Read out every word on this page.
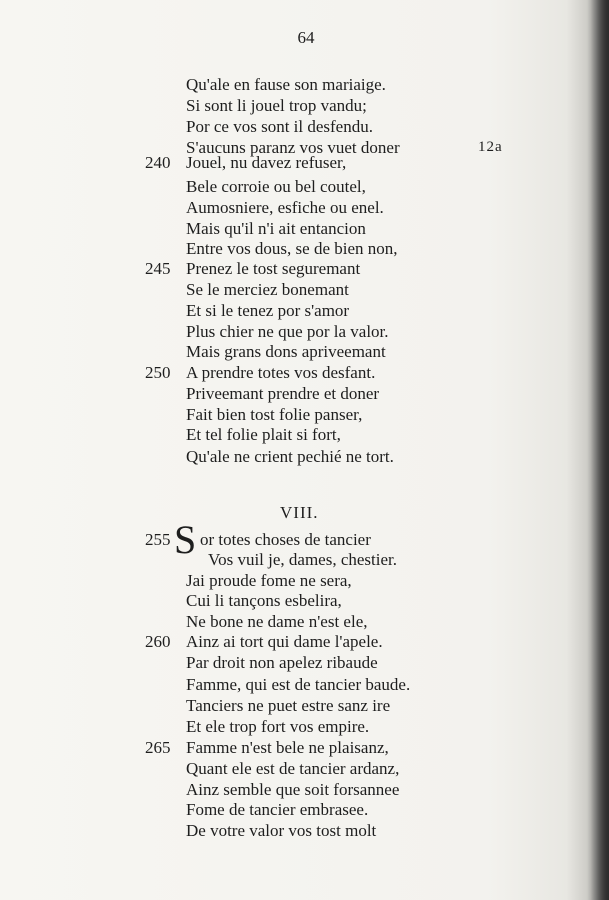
64
12a
240
245
250
255
260
265
Qu'ale en fause son mariaige.
Si sont li jouel trop vandu;
Por ce vos sont il desfendu.
S'aucuns paranz vos vuet doner
Jouel, nu davez refuser,
Bele corroie ou bel coutel,
Aumosniere, esfiche ou enel.
Mais qu'il n'i ait entancion
Entre vos dous, se de bien non,
Prenez le tost seguremant
Se le merciez bonemant
Et si le tenez por s'amor
Plus chier ne que por la valor.
Mais grans dons apriveemant
A prendre totes vos desfant.
Priveemant prendre et doner
Fait bien tost folie panser,
Et tel folie plait si fort,
Qu'ale ne crient pechié ne tort.
VIII.
S or totes choses de tancier
Vos vuil je, dames, chestier.
Jai proude fome ne sera,
Cui li tançons esbelira,
Ne bone ne dame n'est ele,
Ainz ai tort qui dame l'apele.
Par droit non apelez ribaude
Famme, qui est de tancier baude.
Tanciers ne puet estre sanz ire
Et ele trop fort vos empire.
Famme n'est bele ne plaisanz,
Quant ele est de tancier ardanz,
Ainz semble que soit forsannee
Fome de tancier embrasee.
De votre valor vos tost molt
